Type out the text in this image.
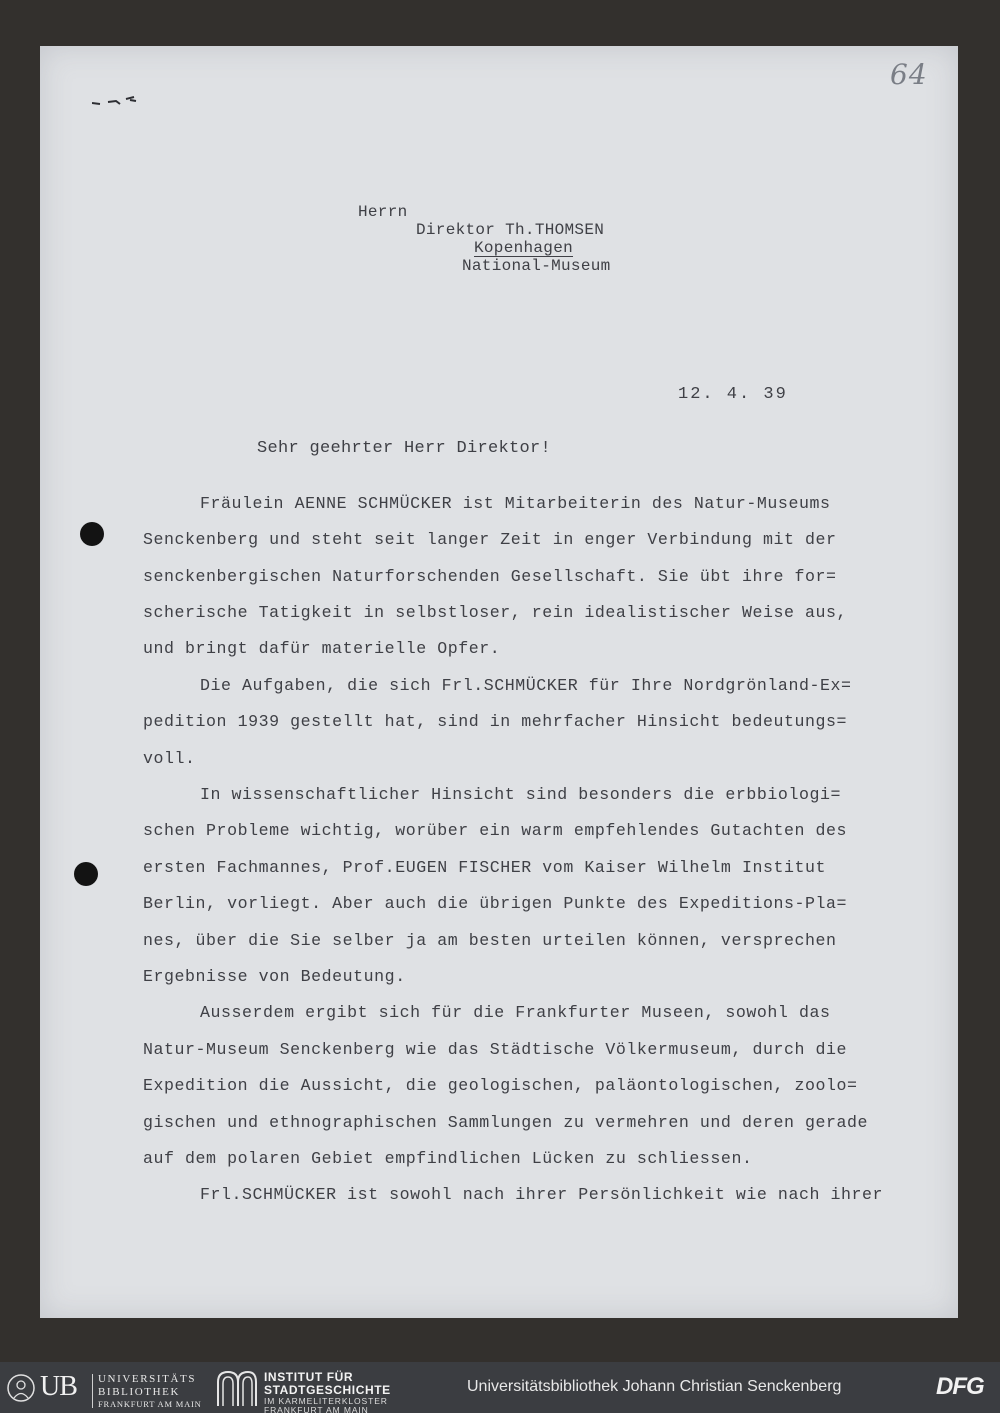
64
Herrn
Direktor Th.THOMSEN
Kopenhagen
National-Museum
12. 4. 39
Sehr geehrter Herr Direktor!
Fräulein AENNE SCHMÜCKER ist Mitarbeiterin des Natur-Museums
Senckenberg und steht seit langer Zeit in enger Verbindung mit der
senckenbergischen Naturforschenden Gesellschaft. Sie übt ihre for=
scherische Tatigkeit in selbstloser, rein idealistischer Weise aus,
und bringt dafür materielle Opfer.
Die Aufgaben, die sich Frl.SCHMÜCKER für Ihre Nordgrönland-Ex=
pedition 1939 gestellt hat, sind in mehrfacher Hinsicht bedeutungs=
voll.
In wissenschaftlicher Hinsicht sind besonders die erbbiologi=
schen Probleme wichtig, worüber ein warm empfehlendes Gutachten des
ersten Fachmannes, Prof.EUGEN FISCHER vom Kaiser Wilhelm Institut
Berlin, vorliegt. Aber auch die übrigen Punkte des Expeditions-Pla=
nes, über die Sie selber ja am besten urteilen können, versprechen
Ergebnisse von Bedeutung.
Ausserdem ergibt sich für die Frankfurter Museen, sowohl das
Natur-Museum Senckenberg wie das Städtische Völkermuseum, durch die
Expedition die Aussicht, die geologischen, paläontologischen, zoolo=
gischen und ethnographischen Sammlungen zu vermehren und deren gerade
auf dem polaren Gebiet empfindlichen Lücken zu schliessen.
Frl.SCHMÜCKER ist sowohl nach ihrer Persönlichkeit wie nach ihrer
UB UNIVERSITÄTS
BIBLIOTHEK
FRANKFURT AM MAIN
INSTITUT FÜR
STADTGESCHICHTE
IM KARMELITERKLOSTER
FRANKFURT AM MAIN
Universitätsbibliothek Johann Christian Senckenberg	DFG
